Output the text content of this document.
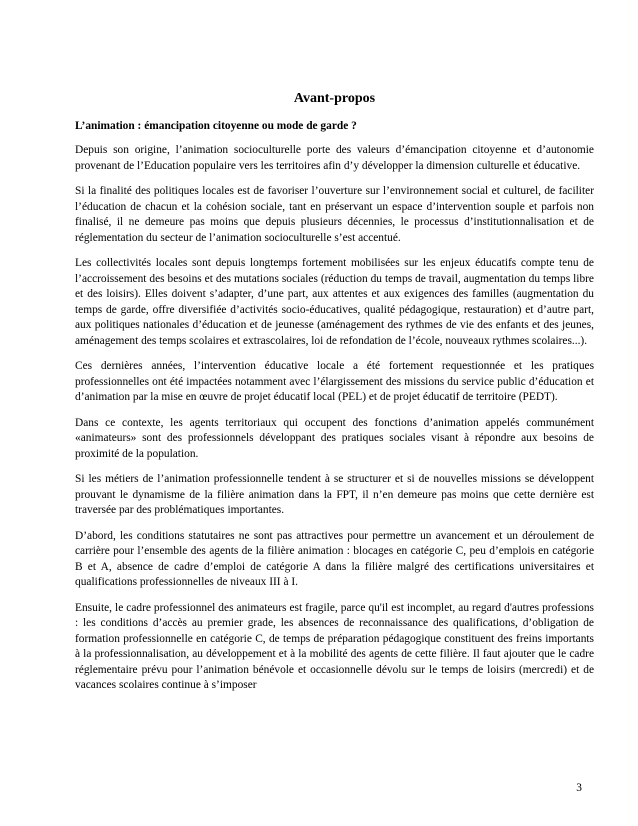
Avant-propos

L’animation : émancipation citoyenne ou mode de garde ?

Depuis son origine, l’animation socioculturelle porte des valeurs d’émancipation citoyenne et d’autonomie provenant de l’Education populaire vers les territoires afin d’y développer la dimension culturelle et éducative.

Si la finalité des politiques locales est de favoriser l’ouverture sur l’environnement social et culturel, de faciliter l’éducation de chacun et la cohésion sociale, tant en préservant un espace d’intervention souple et parfois non finalisé, il ne demeure pas moins que depuis plusieurs décennies, le processus d’institutionnalisation et de réglementation du secteur de l’animation socioculturelle s’est accentué.

Les collectivités locales sont depuis longtemps fortement mobilisées sur les enjeux éducatifs compte tenu de l’accroissement des besoins et des mutations sociales (réduction du temps de travail, augmentation du temps libre et des loisirs). Elles doivent s’adapter, d’une part, aux attentes et aux exigences des familles (augmentation du temps de garde, offre diversifiée d’activités socio-éducatives, qualité pédagogique, restauration) et d’autre part, aux politiques nationales d’éducation et de jeunesse (aménagement des rythmes de vie des enfants et des jeunes, aménagement des temps scolaires et extrascolaires, loi de refondation de l’école, nouveaux rythmes scolaires...).

Ces dernières années, l’intervention éducative locale a été fortement requestionnée et les pratiques professionnelles ont été impactées notamment avec l’élargissement des missions du service public d’éducation et d’animation par la mise en œuvre de projet éducatif local (PEL) et de projet éducatif de territoire (PEDT).

Dans ce contexte, les agents territoriaux qui occupent des fonctions d’animation appelés communément «animateurs» sont des professionnels développant des pratiques sociales visant à répondre aux besoins de proximité de la population.

Si les métiers de l’animation professionnelle tendent à se structurer et si de nouvelles missions se développent prouvant le dynamisme de la filière animation dans la FPT, il n’en demeure pas moins que cette dernière est traversée par des problématiques importantes.

D’abord, les conditions statutaires ne sont pas attractives pour permettre un avancement et un déroulement de carrière pour l’ensemble des agents de la filière animation : blocages en catégorie C, peu d’emplois en catégorie B et A, absence de cadre d’emploi de catégorie A dans la filière malgré des certifications universitaires et qualifications professionnelles de niveaux III à I.

Ensuite, le cadre professionnel des animateurs est fragile, parce qu'il est incomplet, au regard d'autres professions : les conditions d’accès au premier grade, les absences de reconnaissance des qualifications, d’obligation de formation professionnelle en catégorie C, de temps de préparation pédagogique constituent des freins importants à la professionnalisation, au développement et à la mobilité des agents de cette filière. Il faut ajouter que le cadre réglementaire prévu pour l’animation bénévole et occasionnelle dévolu sur le temps de loisirs (mercredi) et de vacances scolaires continue à s’imposer

3
